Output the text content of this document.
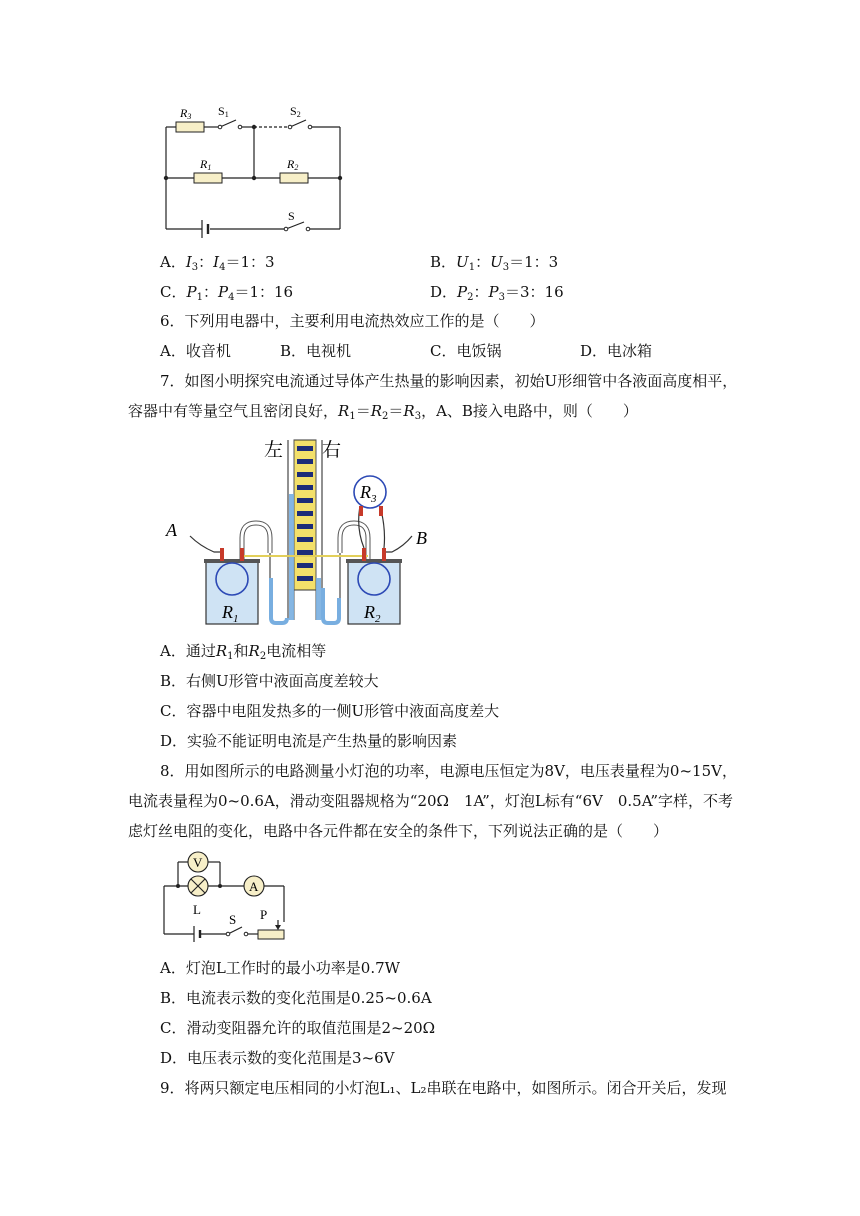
R3 S1	S2
R1	R2
S
A．$I_3$：$I_4=1$：3	B．$U_1$：$U_3=1$：3
C．$P_1$：$P_4=1$：16	D．$P_2$：$P_3=3$：16
6．下列用电器中，主要利用电流热效应工作的是（　　）
A．收音机	B．电视机	C．电饭锅	D．电冰箱
7．如图小明探究电流通过导体产生热量的影响因素，初始U形细管中各液面高度相平，
容器中有等量空气且密闭良好，$R_1=R_2=R_3$，A、B接入电路中，则（　　）
左 右
A	B
$R_1$	$R_2$
$R_3$
A．通过$R_1$和$R_2$电流相等
B．右侧U形管中液面高度差较大
C．容器中电阻发热多的一侧U形管中液面高度差大
D．实验不能证明电流是产生热量的影响因素
8．用如图所示的电路测量小灯泡的功率，电源电压恒定为8V，电压表量程为0~15V，
电流表量程为0~0.6A，滑动变阻器规格为“20Ω　1A”，灯泡L标有“6V　0.5A”字样，不考
虑灯丝电阻的变化，电路中各元件都在安全的条件下，下列说法正确的是（　　）
V
A
L
S P
A．灯泡L工作时的最小功率是0.7W
B．电流表示数的变化范围是0.25~0.6A
C．滑动变阻器允许的取值范围是2~20Ω
D．电压表示数的变化范围是3~6V
9．将两只额定电压相同的小灯泡L₁、L₂串联在电路中，如图所示。闭合开关后，发现
